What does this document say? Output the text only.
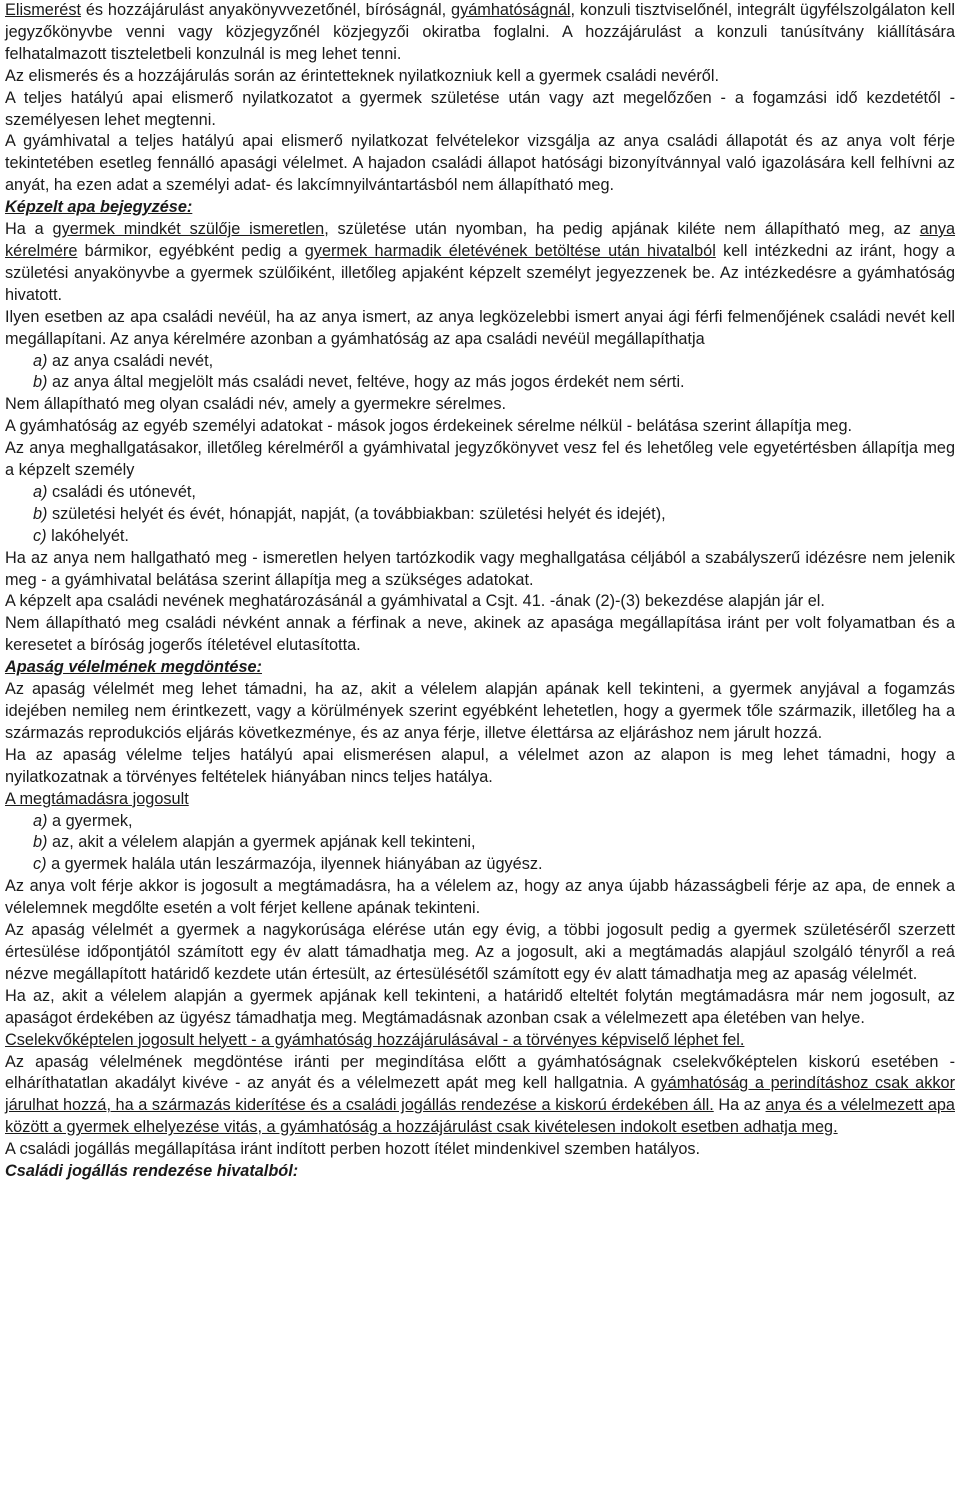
Elismerést és hozzájárulást anyakönyvvezetőnél, bíróságnál, gyámhatóságnál, konzuli tisztviselőnél, integrált ügyfélszolgálaton kell jegyzőkönyvbe venni vagy közjegyzőnél közjegyzői okiratba foglalni. A hozzájárulást a konzuli tanúsítvány kiállítására felhatalmazott tiszteletbeli konzulnál is meg lehet tenni.

Az elismerés és a hozzájárulás során az érintetteknek nyilatkozniuk kell a gyermek családi nevéről.

A teljes hatályú apai elismerő nyilatkozatot a gyermek születése után vagy azt megelőzően - a fogamzási idő kezdetétől - személyesen lehet megtenni.

A gyámhivatal a teljes hatályú apai elismerő nyilatkozat felvételekor vizsgálja az anya családi állapotát és az anya volt férje tekintetében esetleg fennálló apasági vélelmet. A hajadon családi állapot hatósági bizonyítvánnyal való igazolására kell felhívni az anyát, ha ezen adat a személyi adat- és lakcímnyilvántartásból nem állapítható meg.

Képzelt apa bejegyzése:

Ha a gyermek mindkét szülője ismeretlen, születése után nyomban, ha pedig apjának kiléte nem állapítható meg, az anya kérelmére bármikor, egyébként pedig a gyermek harmadik életévének betöltése után hivatalból kell intézkedni az iránt, hogy a születési anyakönyvbe a gyermek szülőiként, illetőleg apjaként képzelt személyt jegyezzenek be. Az intézkedésre a gyámhatóság hivatott.

Ilyen esetben az apa családi nevéül, ha az anya ismert, az anya legközelebbi ismert anyai ági férfi felmenőjének családi nevét kell megállapítani. Az anya kérelmére azonban a gyámhatóság az apa családi nevéül megállapíthatja

a) az anya családi nevét,

b) az anya által megjelölt más családi nevet, feltéve, hogy az más jogos érdekét nem sérti.

Nem állapítható meg olyan családi név, amely a gyermekre sérelmes.

A gyámhatóság az egyéb személyi adatokat - mások jogos érdekeinek sérelme nélkül - belátása szerint állapítja meg.

Az anya meghallgatásakor, illetőleg kérelméről a gyámhivatal jegyzőkönyvet vesz fel és lehetőleg vele egyetértésben állapítja meg a képzelt személy

a) családi és utónevét,

b) születési helyét és évét, hónapját, napját, (a továbbiakban: születési helyét és idejét),

c) lakóhelyét.

Ha az anya nem hallgatható meg - ismeretlen helyen tartózkodik vagy meghallgatása céljából a szabályszerű idézésre nem jelenik meg - a gyámhivatal belátása szerint állapítja meg a szükséges adatokat.

A képzelt apa családi nevének meghatározásánál a gyámhivatal a Csjt. 41. -ának (2)-(3) bekezdése alapján jár el.

Nem állapítható meg családi névként annak a férfinak a neve, akinek az apasága megállapítása iránt per volt folyamatban és a keresetet a bíróság jogerős ítéletével elutasította.

Apaság vélelmének megdöntése:

Az apaság vélelmét meg lehet támadni, ha az, akit a vélelem alapján apának kell tekinteni, a gyermek anyjával a fogamzás idejében nemileg nem érintkezett, vagy a körülmények szerint egyébként lehetetlen, hogy a gyermek tőle származik, illetőleg ha a származás reprodukciós eljárás következménye, és az anya férje, illetve élettársa az eljáráshoz nem járult hozzá.

Ha az apaság vélelme teljes hatályú apai elismerésen alapul, a vélelmet azon az alapon is meg lehet támadni, hogy a nyilatkozatnak a törvényes feltételek hiányában nincs teljes hatálya.

A megtámadásra jogosult

a) a gyermek,

b) az, akit a vélelem alapján a gyermek apjának kell tekinteni,

c) a gyermek halála után leszármazója, ilyennek hiányában az ügyész.

Az anya volt férje akkor is jogosult a megtámadásra, ha a vélelem az, hogy az anya újabb házasságbeli férje az apa, de ennek a vélelemnek megdőlte esetén a volt férjet kellene apának tekinteni.

Az apaság vélelmét a gyermek a nagykorúsága elérése után egy évig, a többi jogosult pedig a gyermek születéséről szerzett értesülése időpontjától számított egy év alatt támadhatja meg. Az a jogosult, aki a megtámadás alapjául szolgáló tényről a reá nézve megállapított határidő kezdete után értesült, az értesülésétől számított egy év alatt támadhatja meg az apaság vélelmét.

Ha az, akit a vélelem alapján a gyermek apjának kell tekinteni, a határidő elteltét folytán megtámadásra már nem jogosult, az apaságot érdekében az ügyész támadhatja meg. Megtámadásnak azonban csak a vélelmezett apa életében van helye.

Cselekvőképtelen jogosult helyett - a gyámhatóság hozzájárulásával - a törvényes képviselő léphet fel.

Az apaság vélelmének megdöntése iránti per megindítása előtt a gyámhatóságnak cselekvőképtelen kiskorú esetében - elháríthatatlan akadályt kivéve - az anyát és a vélelmezett apát meg kell hallgatnia. A gyámhatóság a perindításhoz csak akkor járulhat hozzá, ha a származás kiderítése és a családi jogállás rendezése a kiskorú érdekében áll. Ha az anya és a vélelmezett apa között a gyermek elhelyezése vitás, a gyámhatóság a hozzájárulást csak kivételesen indokolt esetben adhatja meg.

A családi jogállás megállapítása iránt indított perben hozott ítélet mindenkivel szemben hatályos.

Családi jogállás rendezése hivatalból:
